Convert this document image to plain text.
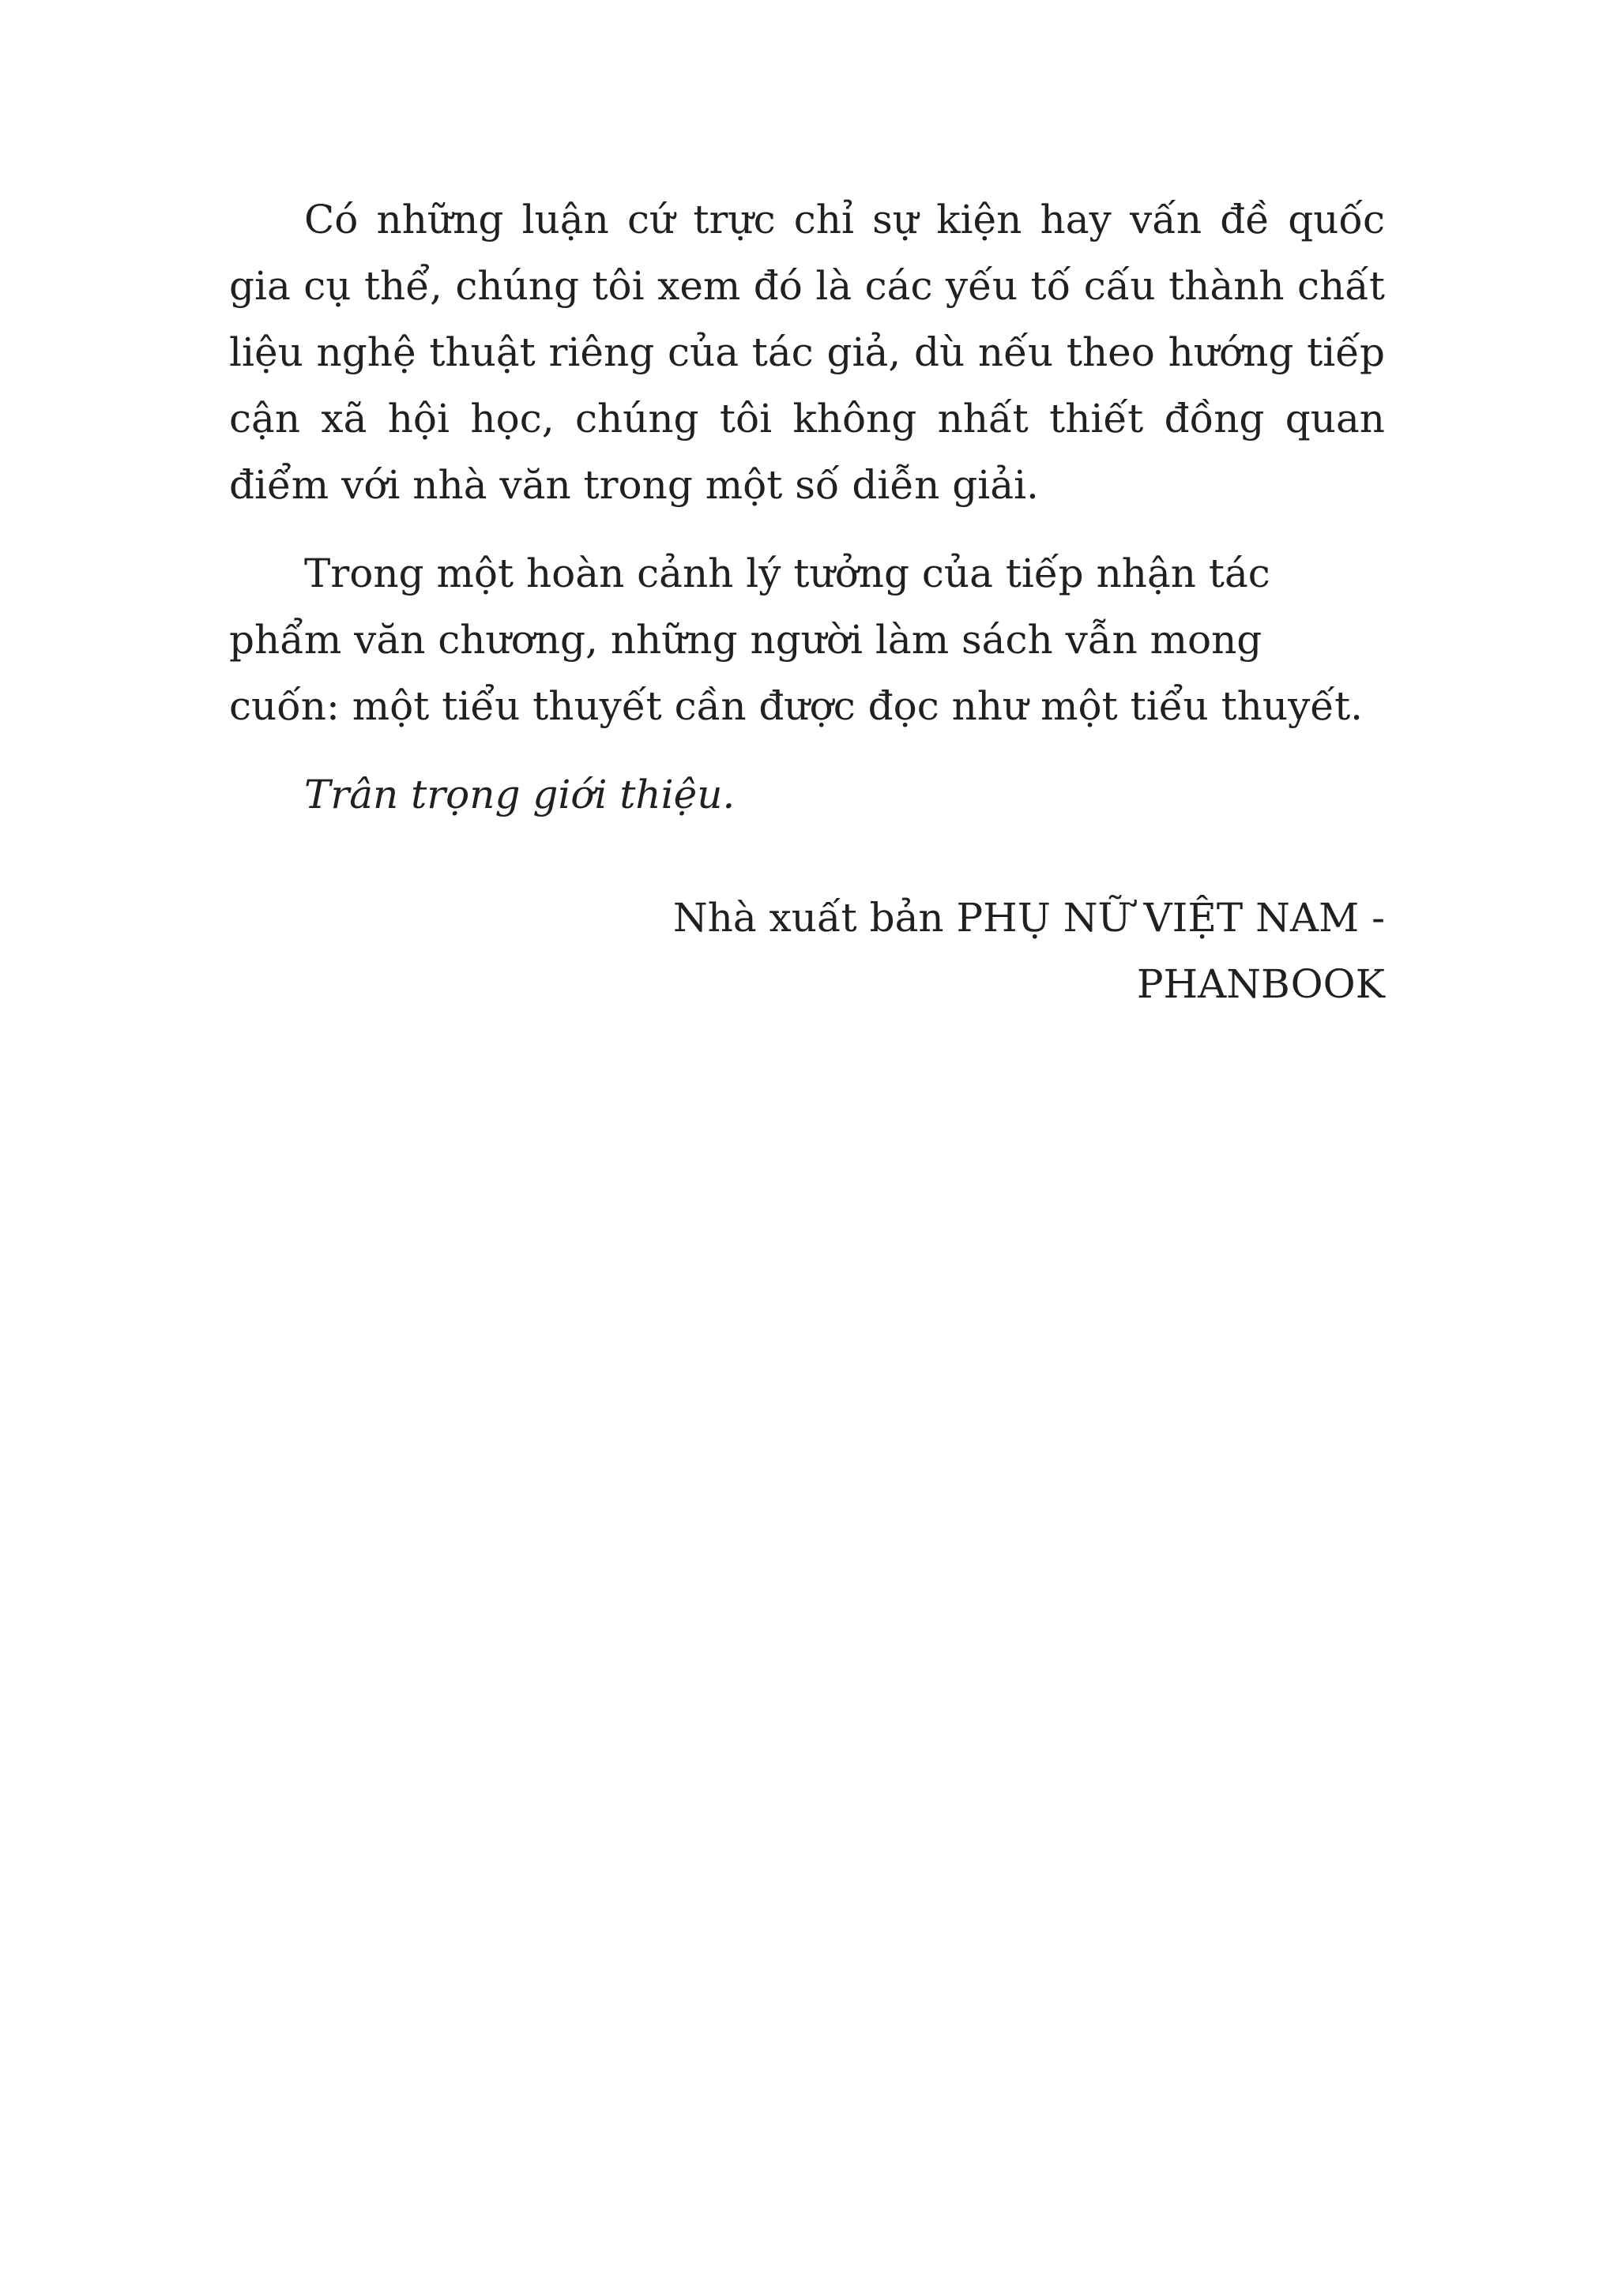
Có những luận cứ trực chỉ sự kiện hay vấn đề quốc gia cụ thể, chúng tôi xem đó là các yếu tố cấu thành chất liệu nghệ thuật riêng của tác giả, dù nếu theo hướng tiếp cận xã hội học, chúng tôi không nhất thiết đồng quan điểm với nhà văn trong một số diễn giải.

Trong một hoàn cảnh lý tưởng của tiếp nhận tác phẩm văn chương, những người làm sách vẫn mong cuốn: một tiểu thuyết cần được đọc như một tiểu thuyết.

Trân trọng giới thiệu.

Nhà xuất bản PHỤ NỮ VIỆT NAM -
PHANBOOK
